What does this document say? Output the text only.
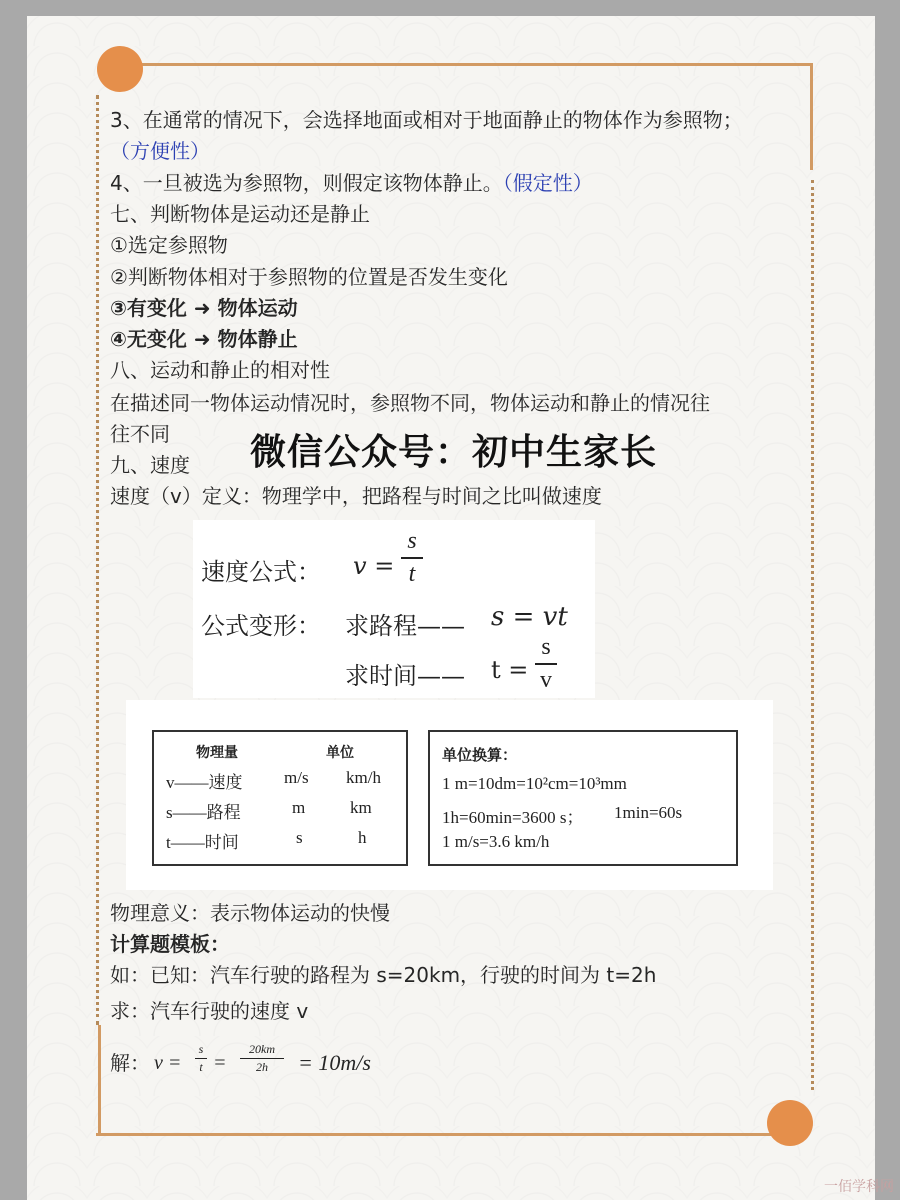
3、在通常的情况下，会选择地面或相对于地面静止的物体作为参照物；
（方便性）
4、一旦被选为参照物，则假定该物体静止。（假定性）
七、判断物体是运动还是静止
①选定参照物
②判断物体相对于参照物的位置是否发生变化
③有变化 ➜ 物体运动
④无变化 ➜ 物体静止
八、运动和静止的相对性
在描述同一物体运动情况时，参照物不同，物体运动和静止的情况往
往不同
九、速度
速度（v）定义：物理学中，把路程与时间之比叫做速度
微信公众号：初中生家长
速度公式： v =
s
t
公式变形： 求路程—— s = vt
求时间—— t =
s
v
物理量	单位
v——速度 m/s km/h
s——路程	m	km
t——时间	s	h
单位换算：
1 m=10dm=10²cm=10³mm
1h=60min=3600 s； 1min=60s
1 m/s=3.6 km/h
物理意义：表示物体运动的快慢
计算题模板：
如：已知：汽车行驶的路程为 s=20km，行驶的时间为 t=2h
求：汽车行驶的速度 v
解： v =
s
t =
20km
2h = 10m/s
一佰学科网
